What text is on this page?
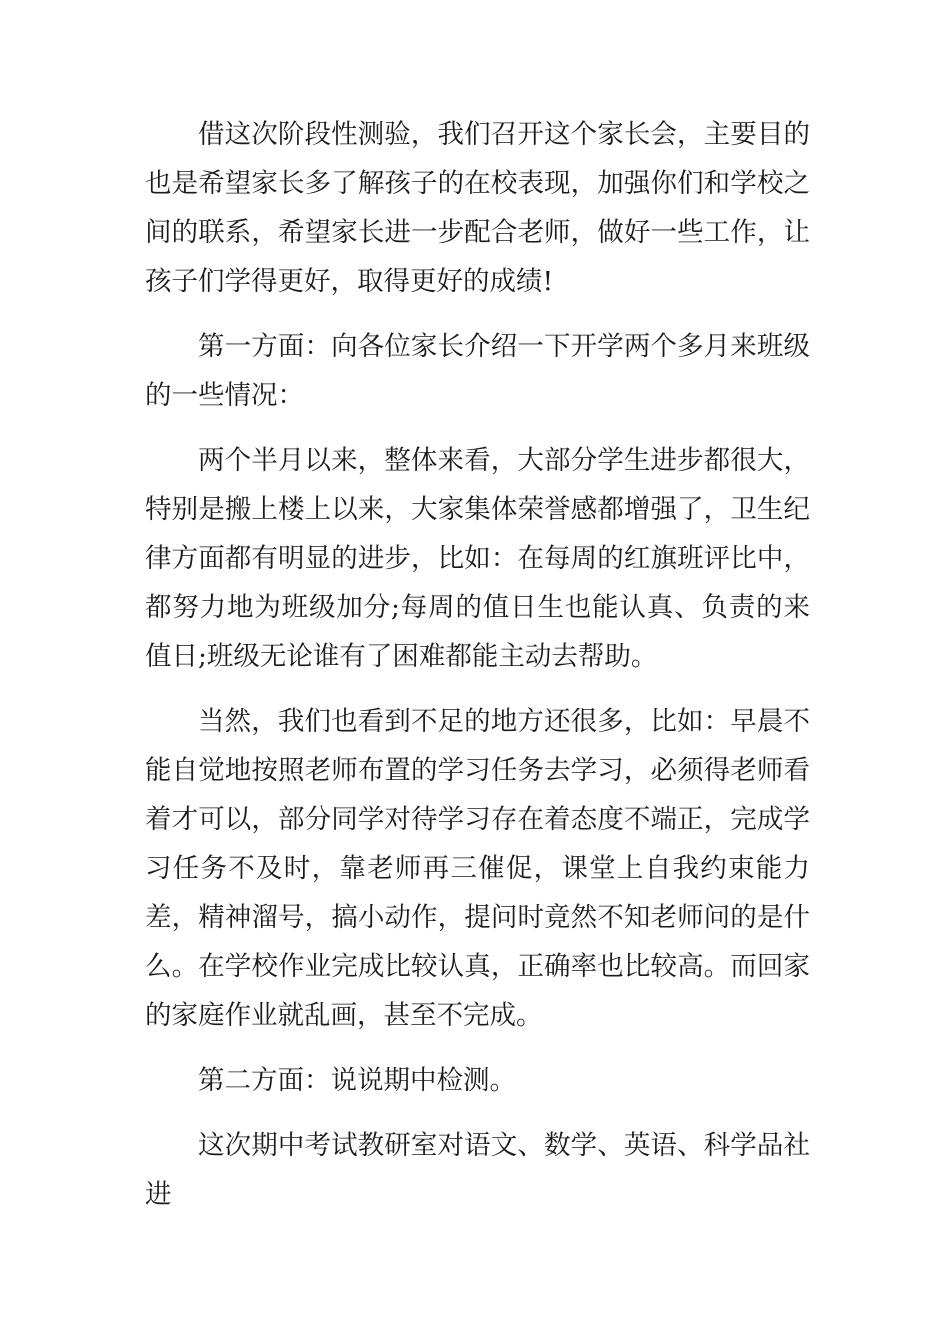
借这次阶段性测验，我们召开这个家长会，主要目的也是希望家长多了解孩子的在校表现，加强你们和学校之间的联系，希望家长进一步配合老师，做好一些工作，让孩子们学得更好，取得更好的成绩!

第一方面：向各位家长介绍一下开学两个多月来班级的一些情况：

两个半月以来，整体来看，大部分学生进步都很大，特别是搬上楼上以来，大家集体荣誉感都增强了，卫生纪律方面都有明显的进步，比如：在每周的红旗班评比中，都努力地为班级加分;每周的值日生也能认真、负责的来值日;班级无论谁有了困难都能主动去帮助。

当然，我们也看到不足的地方还很多，比如：早晨不能自觉地按照老师布置的学习任务去学习，必须得老师看着才可以，部分同学对待学习存在着态度不端正，完成学习任务不及时，靠老师再三催促，课堂上自我约束能力差，精神溜号，搞小动作，提问时竟然不知老师问的是什么。在学校作业完成比较认真，正确率也比较高。而回家的家庭作业就乱画，甚至不完成。

第二方面：说说期中检测。

这次期中考试教研室对语文、数学、英语、科学品社进
